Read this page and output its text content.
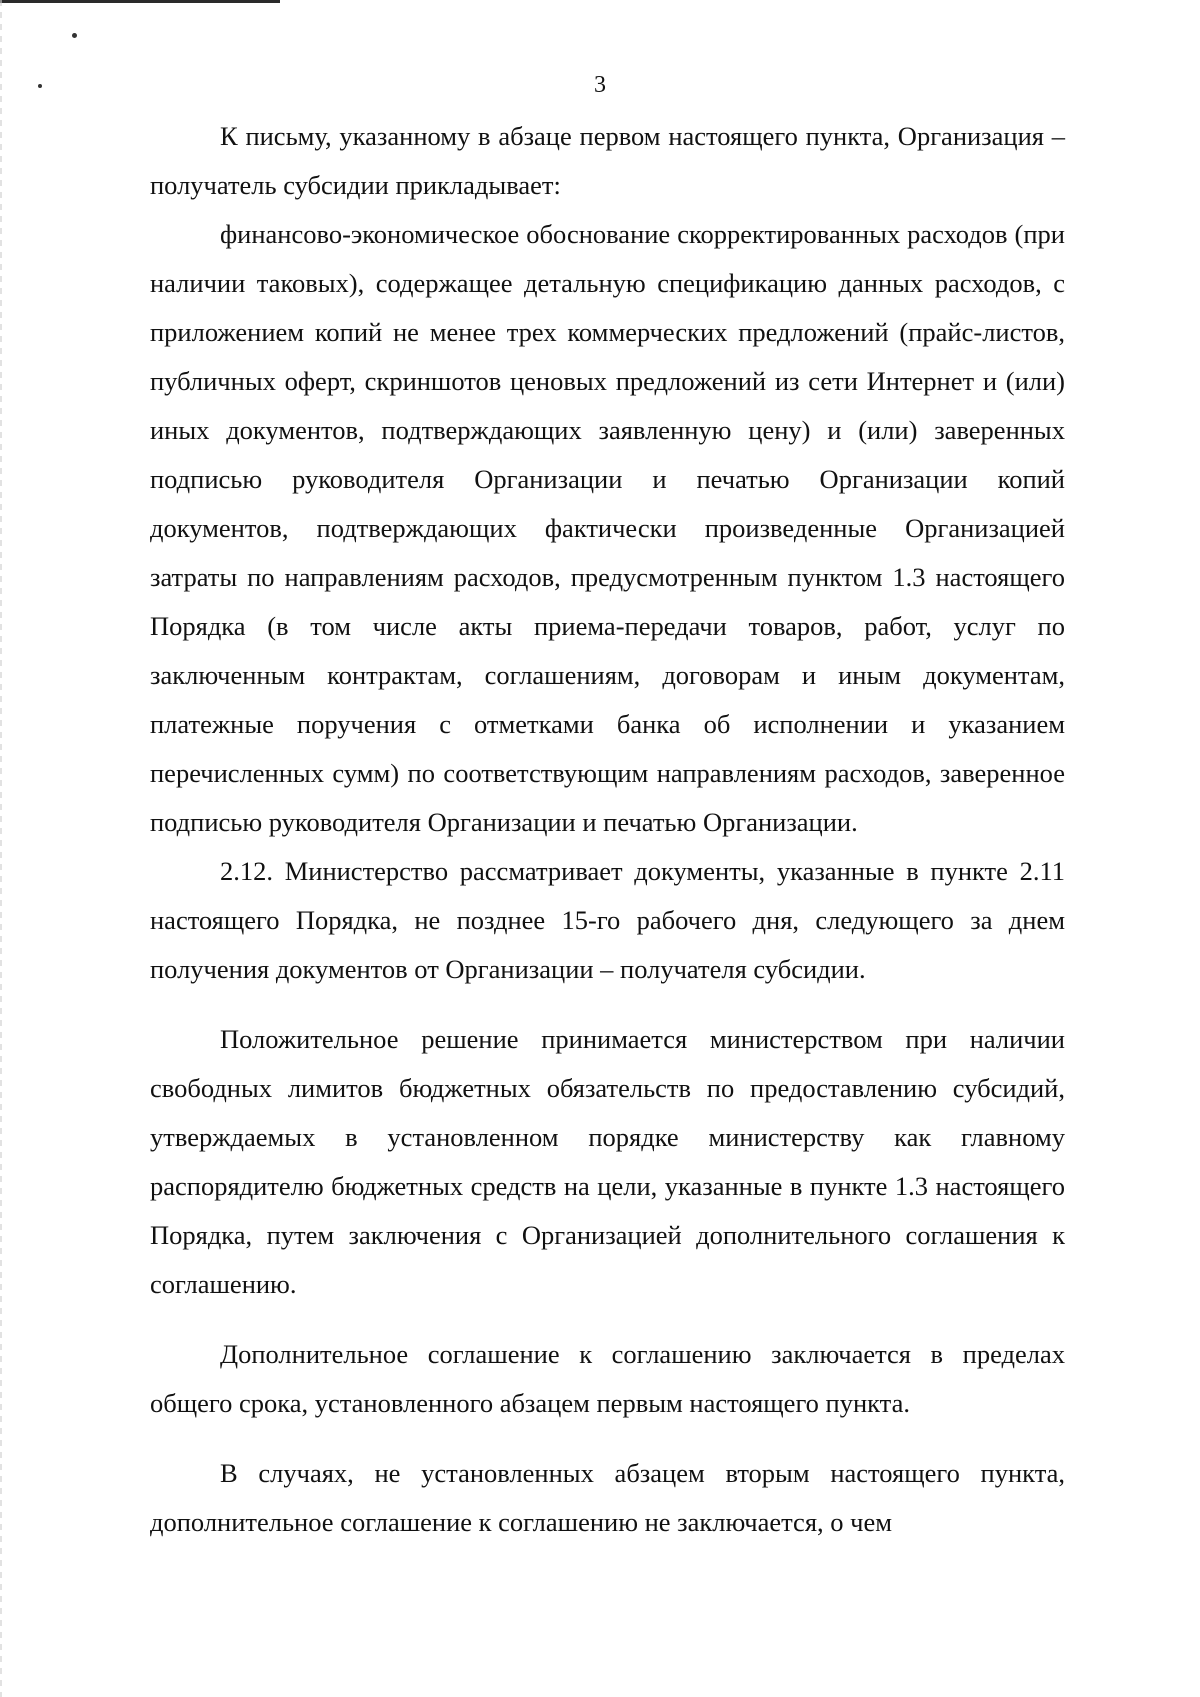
3

К письму, указанному в абзаце первом настоящего пункта, Организация – получатель субсидии прикладывает:

финансово-экономическое обоснование скорректированных расходов (при наличии таковых), содержащее детальную спецификацию данных расходов, с приложением копий не менее трех коммерческих предложений (прайс-листов, публичных оферт, скриншотов ценовых предложений из сети Интернет и (или) иных документов, подтверждающих заявленную цену) и (или) заверенных подписью руководителя Организации и печатью Организации копий документов, подтверждающих фактически произведенные Организацией затраты по направлениям расходов, предусмотренным пунктом 1.3 настоящего Порядка (в том числе акты приема-передачи товаров, работ, услуг по заключенным контрактам, соглашениям, договорам и иным документам, платежные поручения с отметками банка об исполнении и указанием перечисленных сумм) по соответствующим направлениям расходов, заверенное подписью руководителя Организации и печатью Организации.

2.12. Министерство рассматривает документы, указанные в пункте 2.11 настоящего Порядка, не позднее 15-го рабочего дня, следующего за днем получения документов от Организации – получателя субсидии.

Положительное решение принимается министерством при наличии свободных лимитов бюджетных обязательств по предоставлению субсидий, утверждаемых в установленном порядке министерству как главному распорядителю бюджетных средств на цели, указанные в пункте 1.3 настоящего Порядка, путем заключения с Организацией дополнительного соглашения к соглашению.

Дополнительное соглашение к соглашению заключается в пределах общего срока, установленного абзацем первым настоящего пункта.

В случаях, не установленных абзацем вторым настоящего пункта, дополнительное соглашение к соглашению не заключается, о чем
